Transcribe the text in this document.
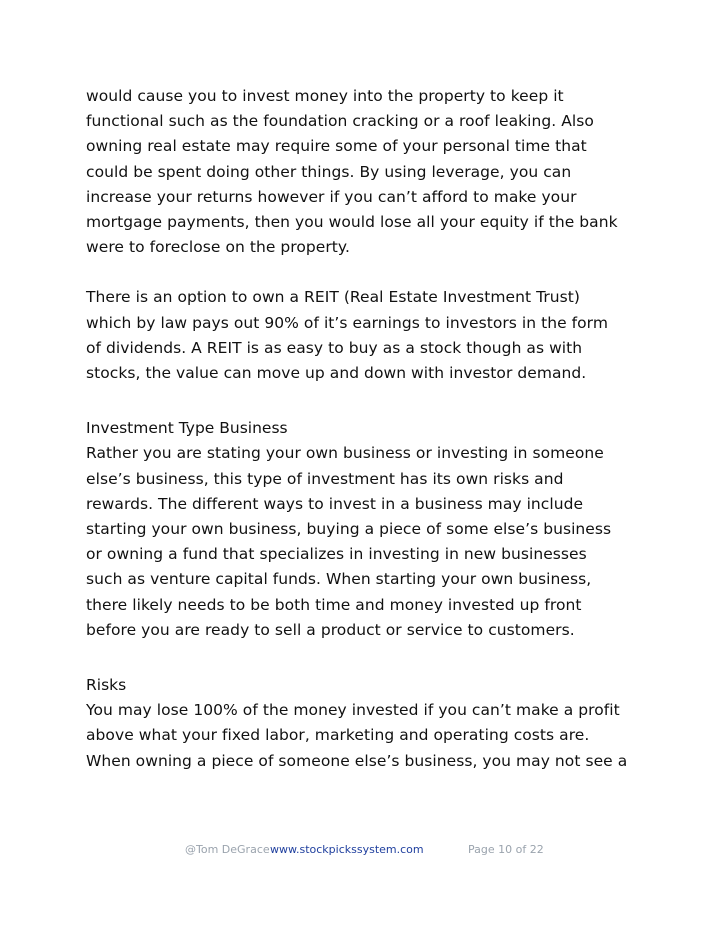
would cause you to invest money into the property to keep it
functional such as the foundation cracking or a roof leaking. Also
owning real estate may require some of your personal time that
could be spent doing other things. By using leverage, you can
increase your returns however if you can’t afford to make your
mortgage payments, then you would lose all your equity if the bank
were to foreclose on the property.
There is an option to own a REIT (Real Estate Investment Trust)
which by law pays out 90% of it’s earnings to investors in the form
of dividends. A REIT is as easy to buy as a stock though as with
stocks, the value can move up and down with investor demand.
Investment Type Business
Rather you are stating your own business or investing in someone
else’s business, this type of investment has its own risks and
rewards. The different ways to invest in a business may include
starting your own business, buying a piece of some else’s business
or owning a fund that specializes in investing in new businesses
such as venture capital funds. When starting your own business,
there likely needs to be both time and money invested up front
before you are ready to sell a product or service to customers.
Risks
You may lose 100% of the money invested if you can’t make a profit
above what your fixed labor, marketing and operating costs are.
When owning a piece of someone else’s business, you may not see a
@Tom DeGrace www.stockpickssystem.com	Page 10 of 22
